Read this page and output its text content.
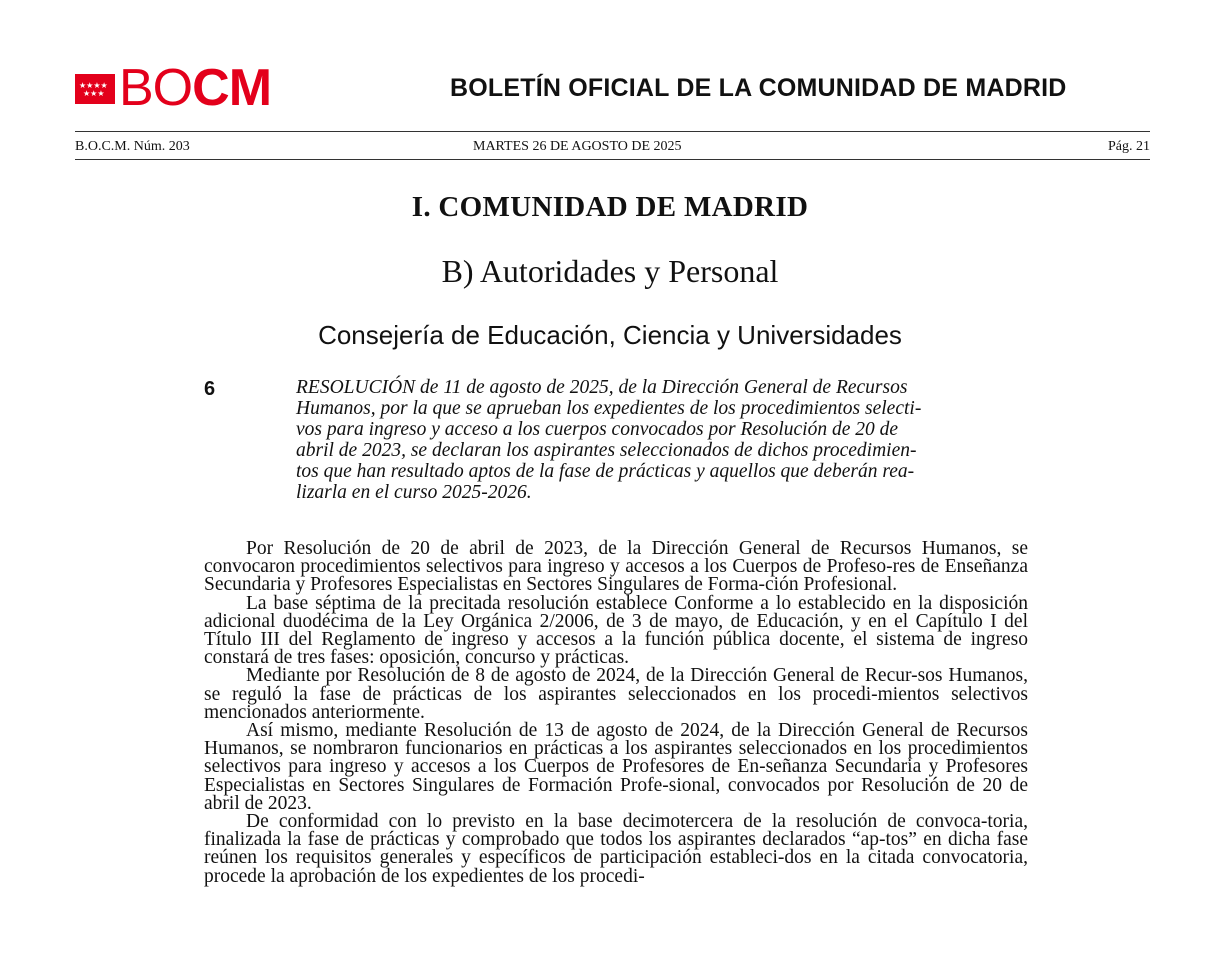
★★★★
★★★ BOCM	BOLETÍN OFICIAL DE LA COMUNIDAD DE MADRID
B.O.C.M. Núm. 203	MARTES 26 DE AGOSTO DE 2025	Pág. 21
I. COMUNIDAD DE MADRID
B) Autoridades y Personal
Consejería de Educación, Ciencia y Universidades
6	RESOLUCIÓN de 11 de agosto de 2025, de la Dirección General de Recursos
Humanos, por la que se aprueban los expedientes de los procedimientos selecti-
vos para ingreso y acceso a los cuerpos convocados por Resolución de 20 de
abril de 2023, se declaran los aspirantes seleccionados de dichos procedimien-
tos que han resultado aptos de la fase de prácticas y aquellos que deberán rea-
lizarla en el curso 2025-2026.

Por Resolución de 20 de abril de 2023, de la Dirección General de Recursos Humanos, se convocaron procedimientos selectivos para ingreso y accesos a los Cuerpos de Profeso-res de Enseñanza Secundaria y Profesores Especialistas en Sectores Singulares de Forma-ción Profesional.

La base séptima de la precitada resolución establece Conforme a lo establecido en la disposición adicional duodécima de la Ley Orgánica 2/2006, de 3 de mayo, de Educación, y en el Capítulo I del Título III del Reglamento de ingreso y accesos a la función pública docente, el sistema de ingreso constará de tres fases: oposición, concurso y prácticas.

Mediante por Resolución de 8 de agosto de 2024, de la Dirección General de Recur-sos Humanos, se reguló la fase de prácticas de los aspirantes seleccionados en los procedi-mientos selectivos mencionados anteriormente.

Así mismo, mediante Resolución de 13 de agosto de 2024, de la Dirección General de Recursos Humanos, se nombraron funcionarios en prácticas a los aspirantes seleccionados en los procedimientos selectivos para ingreso y accesos a los Cuerpos de Profesores de En-señanza Secundaria y Profesores Especialistas en Sectores Singulares de Formación Profe-sional, convocados por Resolución de 20 de abril de 2023.

De conformidad con lo previsto en la base decimotercera de la resolución de convoca-toria, finalizada la fase de prácticas y comprobado que todos los aspirantes declarados “ap-tos” en dicha fase reúnen los requisitos generales y específicos de participación estableci-dos en la citada convocatoria, procede la aprobación de los expedientes de los procedi-
